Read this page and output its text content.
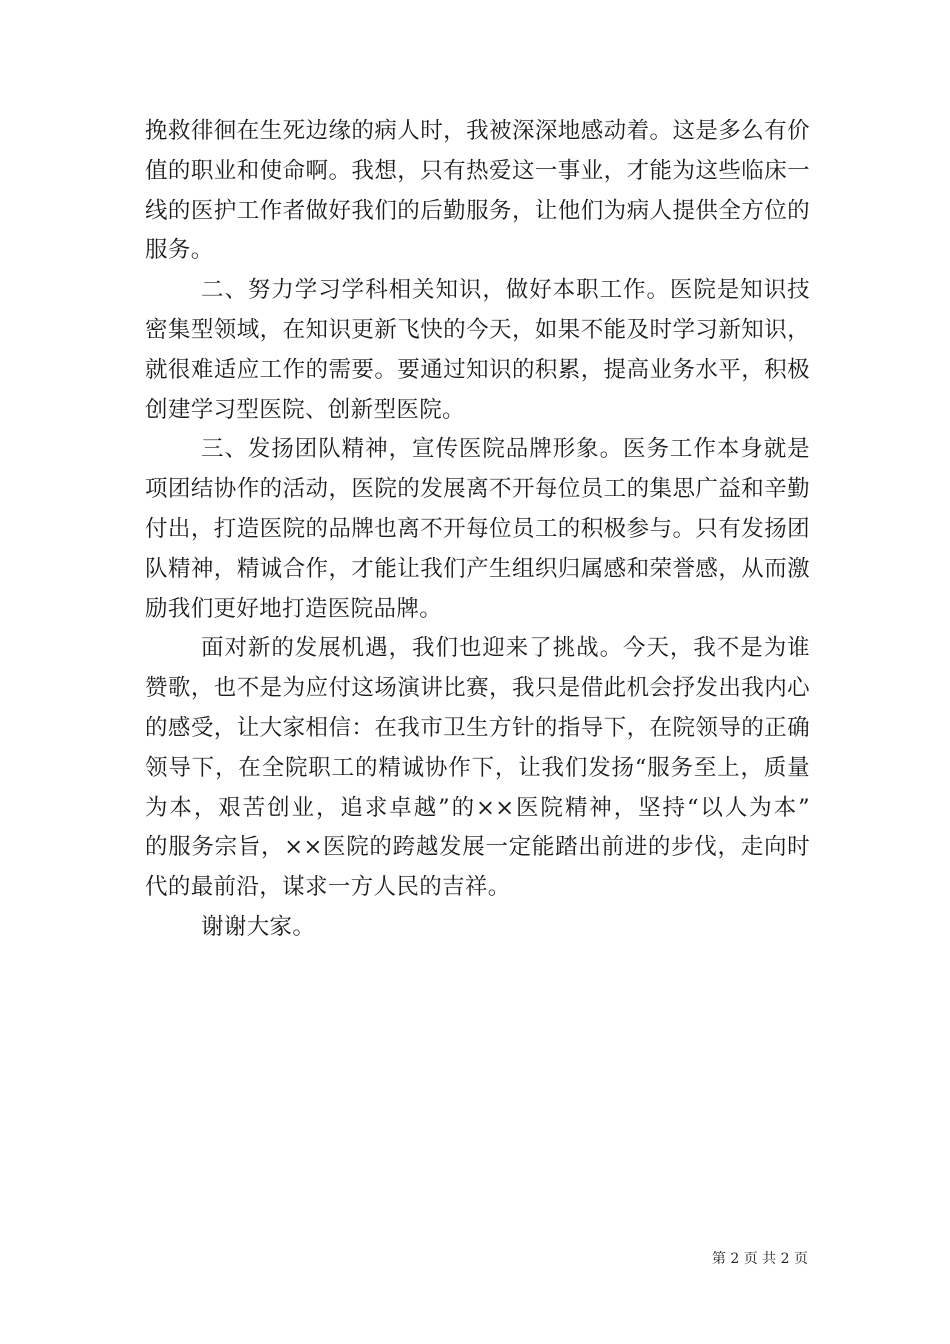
挽救徘徊在生死边缘的病人时，我被深深地感动着。这是多么有价
值的职业和使命啊。我想，只有热爱这一事业，才能为这些临床一
线的医护工作者做好我们的后勤服务，让他们为病人提供全方位的
服务。
二、努力学习学科相关知识，做好本职工作。医院是知识技
密集型领域，在知识更新飞快的今天，如果不能及时学习新知识，
就很难适应工作的需要。要通过知识的积累，提高业务水平，积极
创建学习型医院、创新型医院。
三、发扬团队精神，宣传医院品牌形象。医务工作本身就是
项团结协作的活动，医院的发展离不开每位员工的集思广益和辛勤
付出，打造医院的品牌也离不开每位员工的积极参与。只有发扬团
队精神，精诚合作，才能让我们产生组织归属感和荣誉感，从而激
励我们更好地打造医院品牌。
面对新的发展机遇，我们也迎来了挑战。今天，我不是为谁
赞歌，也不是为应付这场演讲比赛，我只是借此机会抒发出我内心
的感受，让大家相信：在我市卫生方针的指导下，在院领导的正确
领导下，在全院职工的精诚协作下，让我们发扬“服务至上，质量
为本，艰苦创业，追求卓越”的××医院精神，坚持“以人为本”
的服务宗旨，××医院的跨越发展一定能踏出前进的步伐，走向时
代的最前沿，谋求一方人民的吉祥。
谢谢大家。
第 2 页 共 2 页
